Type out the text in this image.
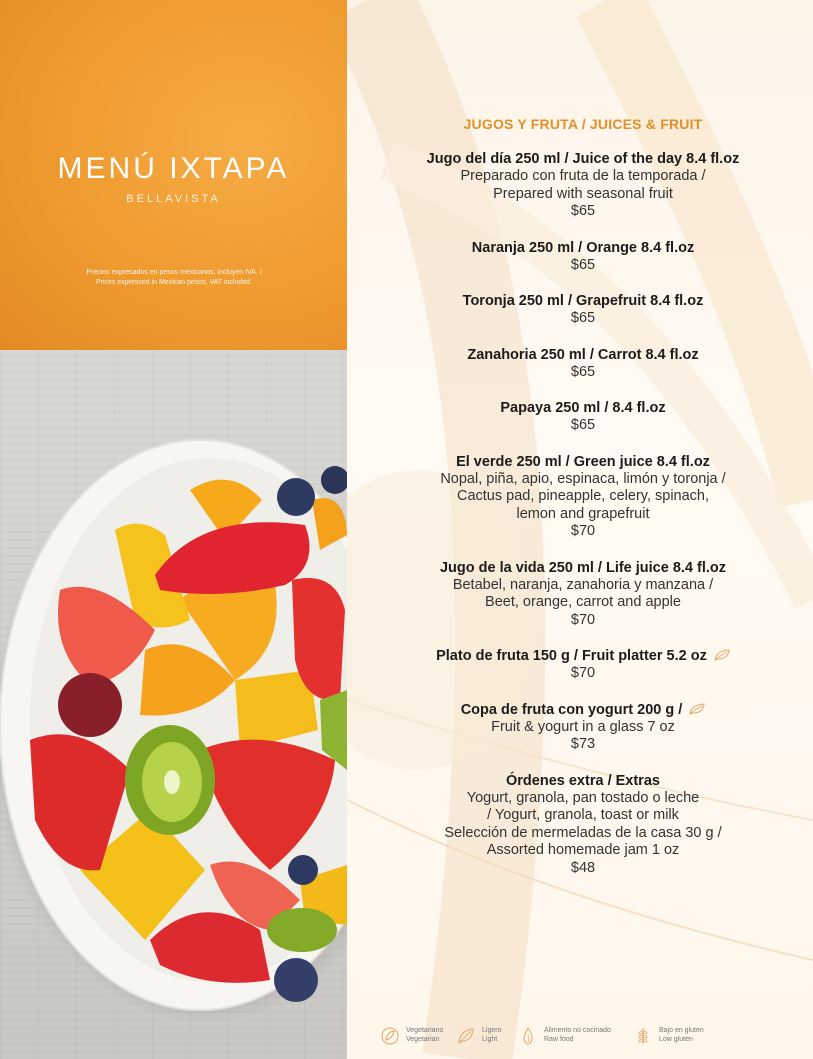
MENÚ IXTAPA
BELLAVISTA
Precios expresados en pesos mexicanos, incluyen IVA. /
Prices expressed in Mexican pesos, VAT included.
JUGOS Y FRUTA / JUICES & FRUIT
Jugo del día 250 ml / Juice of the day 8.4 fl.oz
Preparado con fruta de la temporada /
Prepared with seasonal fruit
$65
Naranja 250 ml / Orange 8.4 fl.oz
$65
Toronja 250 ml / Grapefruit 8.4 fl.oz
$65
Zanahoria 250 ml / Carrot 8.4 fl.oz
$65
Papaya 250 ml / 8.4 fl.oz
$65
El verde 250 ml / Green juice 8.4 fl.oz
Nopal, piña, apio, espinaca, limón y toronja /
Cactus pad, pineapple, celery, spinach,
lemon and grapefruit
$70
Jugo de la vida 250 ml / Life juice 8.4 fl.oz
Betabel, naranja, zanahoria y manzana /
Beet, orange, carrot and apple
$70
Plato de fruta 150 g / Fruit platter 5.2 oz
$70
Copa de fruta con yogurt 200 g /
Fruit & yogurt in a glass 7 oz
$73
Órdenes extra / Extras
Yogurt, granola, pan tostado o leche
/ Yogurt, granola, toast or milk
Selección de mermeladas de la casa 30 g /
Assorted homemade jam 1 oz
$48
Vegetariano
Vegetarian
Ligero
Light
Alimento no cocinado
Raw food
Bajo en gluten
Low gluten
